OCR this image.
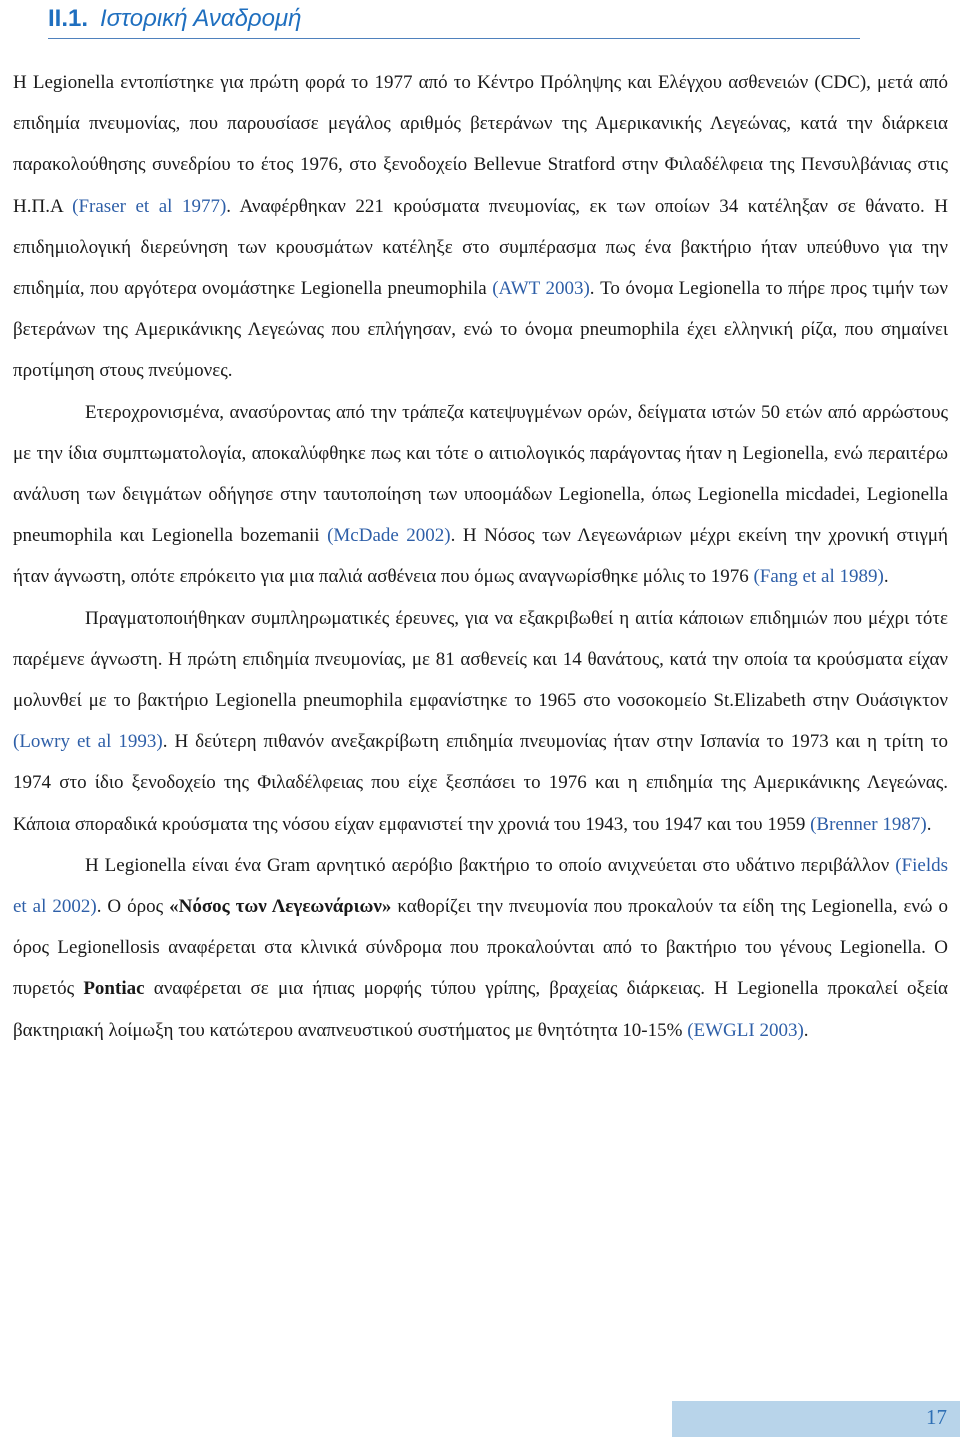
II.1. Ιστορική Αναδρομή

Η Legionella εντοπίστηκε για πρώτη φορά το 1977 από το Κέντρο Πρόληψης και Ελέγχου ασθενειών (CDC), μετά από επιδημία πνευμονίας, που παρουσίασε μεγάλος αριθμός βετεράνων της Αμερικανικής Λεγεώνας, κατά την διάρκεια παρακολούθησης συνεδρίου το έτος 1976, στο ξενοδοχείο Bellevue Stratford στην Φιλαδέλφεια της Πενσυλβάνιας στις Η.Π.Α (Fraser et al 1977). Αναφέρθηκαν 221 κρούσματα πνευμονίας, εκ των οποίων 34 κατέληξαν σε θάνατο. Η επιδημιολογική διερεύνηση των κρουσμάτων κατέληξε στο συμπέρασμα πως ένα βακτήριο ήταν υπεύθυνο για την επιδημία, που αργότερα ονομάστηκε Legionella pneumophila (AWT 2003). Το όνομα Legionella το πήρε προς τιμήν των βετεράνων της Αμερικάνικης Λεγεώνας που επλήγησαν, ενώ το όνομα pneumophila έχει ελληνική ρίζα, που σημαίνει προτίμηση στους πνεύμονες.

Ετεροχρονισμένα, ανασύροντας από την τράπεζα κατεψυγμένων ορών, δείγματα ιστών 50 ετών από αρρώστους με την ίδια συμπτωματολογία, αποκαλύφθηκε πως και τότε ο αιτιολογικός παράγοντας ήταν η Legionella, ενώ περαιτέρω ανάλυση των δειγμάτων οδήγησε στην ταυτοποίηση των υποομάδων Legionella, όπως Legionella micdadei, Legionella pneumophila και Legionella bozemanii (McDade 2002). Η Νόσος των Λεγεωνάριων μέχρι εκείνη την χρονική στιγμή ήταν άγνωστη, οπότε επρόκειτο για μια παλιά ασθένεια που όμως αναγνωρίσθηκε μόλις το 1976 (Fang et al 1989).

Πραγματοποιήθηκαν συμπληρωματικές έρευνες, για να εξακριβωθεί η αιτία κάποιων επιδημιών που μέχρι τότε παρέμενε άγνωστη. Η πρώτη επιδημία πνευμονίας, με 81 ασθενείς και 14 θανάτους, κατά την οποία τα κρούσματα είχαν μολυνθεί με το βακτήριο Legionella pneumophila εμφανίστηκε το 1965 στο νοσοκομείο St.Elizabeth στην Ουάσιγκτον (Lowry et al 1993). Η δεύτερη πιθανόν ανεξακρίβωτη επιδημία πνευμονίας ήταν στην Ισπανία το 1973 και η τρίτη το 1974 στο ίδιο ξενοδοχείο της Φιλαδέλφειας που είχε ξεσπάσει το 1976 και η επιδημία της Αμερικάνικης Λεγεώνας. Κάποια σποραδικά κρούσματα της νόσου είχαν εμφανιστεί την χρονιά του 1943, του 1947 και του 1959 (Brenner 1987).

Η Legionella είναι ένα Gram αρνητικό αερόβιο βακτήριο το οποίο ανιχνεύεται στο υδάτινο περιβάλλον (Fields et al 2002). Ο όρος «Νόσος των Λεγεωνάριων» καθορίζει την πνευμονία που προκαλούν τα είδη της Legionella, ενώ ο όρος Legionellosis αναφέρεται στα κλινικά σύνδρομα που προκαλούνται από το βακτήριο του γένους Legionella. Ο πυρετός Pontiac αναφέρεται σε μια ήπιας μορφής τύπου γρίπης, βραχείας διάρκειας. Η Legionella προκαλεί οξεία βακτηριακή λοίμωξη του κατώτερου αναπνευστικού συστήματος με θνητότητα 10-15% (EWGLI 2003).

17
